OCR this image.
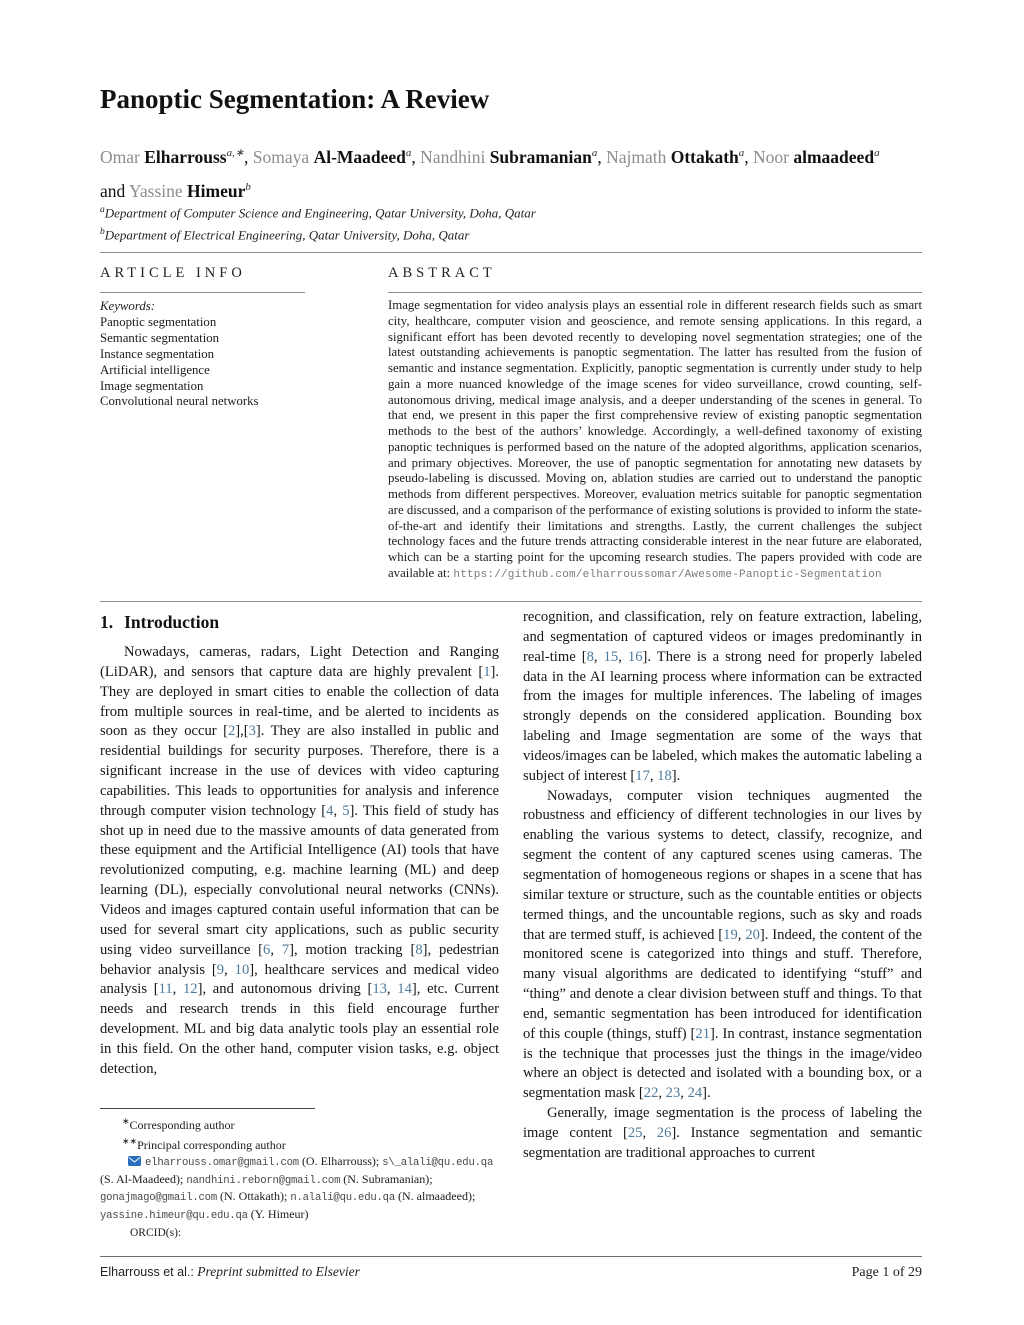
Panoptic Segmentation: A Review
Omar Elharrouss$^{a,∗}$, Somaya Al-Maadeed$^a$, Nandhini Subramanian$^a$, Najmath Ottakath$^a$, Noor almaadeed$^a$ and Yassine Himeur$^b$
$^a$Department of Computer Science and Engineering, Qatar University, Doha, Qatar
$^b$Department of Electrical Engineering, Qatar University, Doha, Qatar
ARTICLE INFO	ABSTRACT
Keywords:
Panoptic segmentation
Semantic segmentation
Instance segmentation
Artificial intelligence
Image segmentation
Convolutional neural networks
Image segmentation for video analysis plays an essential role in different research fields such as smart city, healthcare, computer vision and geoscience, and remote sensing applications. In this regard, a significant effort has been devoted recently to developing novel segmentation strategies; one of the latest outstanding achievements is panoptic segmentation. The latter has resulted from the fusion of semantic and instance segmentation. Explicitly, panoptic segmentation is currently under study to help gain a more nuanced knowledge of the image scenes for video surveillance, crowd counting, self-autonomous driving, medical image analysis, and a deeper understanding of the scenes in general. To that end, we present in this paper the first comprehensive review of existing panoptic segmentation methods to the best of the authors’ knowledge. Accordingly, a well-defined taxonomy of existing panoptic techniques is performed based on the nature of the adopted algorithms, application scenarios, and primary objectives. Moreover, the use of panoptic segmentation for annotating new datasets by pseudo-labeling is discussed. Moving on, ablation studies are carried out to understand the panoptic methods from different perspectives. Moreover, evaluation metrics suitable for panoptic segmentation are discussed, and a comparison of the performance of existing solutions is provided to inform the state-of-the-art and identify their limitations and strengths. Lastly, the current challenges the subject technology faces and the future trends attracting considerable interest in the near future are elaborated, which can be a starting point for the upcoming research studies. The papers provided with code are available at: https://github.com/elharroussomar/Awesome-Panoptic-Segmentation
1. Introduction

Nowadays, cameras, radars, Light Detection and Ranging (LiDAR), and sensors that capture data are highly prevalent [1]. They are deployed in smart cities to enable the collection of data from multiple sources in real-time, and be alerted to incidents as soon as they occur [2],[3]. They are also installed in public and residential buildings for security purposes. Therefore, there is a significant increase in the use of devices with video capturing capabilities. This leads to opportunities for analysis and inference through computer vision technology [4, 5]. This field of study has shot up in need due to the massive amounts of data generated from these equipment and the Artificial Intelligence (AI) tools that have revolutionized computing, e.g. machine learning (ML) and deep learning (DL), especially convolutional neural networks (CNNs). Videos and images captured contain useful information that can be used for several smart city applications, such as public security using video surveillance [6, 7], motion tracking [8], pedestrian behavior analysis [9, 10], healthcare services and medical video analysis [11, 12], and autonomous driving [13, 14], etc. Current needs and research trends in this field encourage further development. ML and big data analytic tools play an essential role in this field. On the other hand, computer vision tasks, e.g. object detection,

recognition, and classification, rely on feature extraction, labeling, and segmentation of captured videos or images predominantly in real-time [8, 15, 16]. There is a strong need for properly labeled data in the AI learning process where information can be extracted from the images for multiple inferences. The labeling of images strongly depends on the considered application. Bounding box labeling and Image segmentation are some of the ways that videos/images can be labeled, which makes the automatic labeling a subject of interest [17, 18].

Nowadays, computer vision techniques augmented the robustness and efficiency of different technologies in our lives by enabling the various systems to detect, classify, recognize, and segment the content of any captured scenes using cameras. The segmentation of homogeneous regions or shapes in a scene that has similar texture or structure, such as the countable entities or objects termed things, and the uncountable regions, such as sky and roads that are termed stuff, is achieved [19, 20]. Indeed, the content of the monitored scene is categorized into things and stuff. Therefore, many visual algorithms are dedicated to identifying “stuff” and “thing” and denote a clear division between stuff and things. To that end, semantic segmentation has been introduced for identification of this couple (things, stuff) [21]. In contrast, instance segmentation is the technique that processes just the things in the image/video where an object is detected and isolated with a bounding box, or a segmentation mask [22, 23, 24].

Generally, image segmentation is the process of labeling the image content [25, 26]. Instance segmentation and semantic segmentation are traditional approaches to current

∗Corresponding author
∗∗Principal corresponding author

elharrouss.omar@gmail.com (O. Elharrouss); s\_alali@qu.edu.qa (S. Al-Maadeed); nandhini.reborn@gmail.com (N. Subramanian); gonajmago@gmail.com (N. Ottakath); n.alali@qu.edu.qa (N. almaadeed); yassine.himeur@qu.edu.qa (Y. Himeur)

ORCID(s):
Elharrouss et al.: Preprint submitted to Elsevier	Page 1 of 29
